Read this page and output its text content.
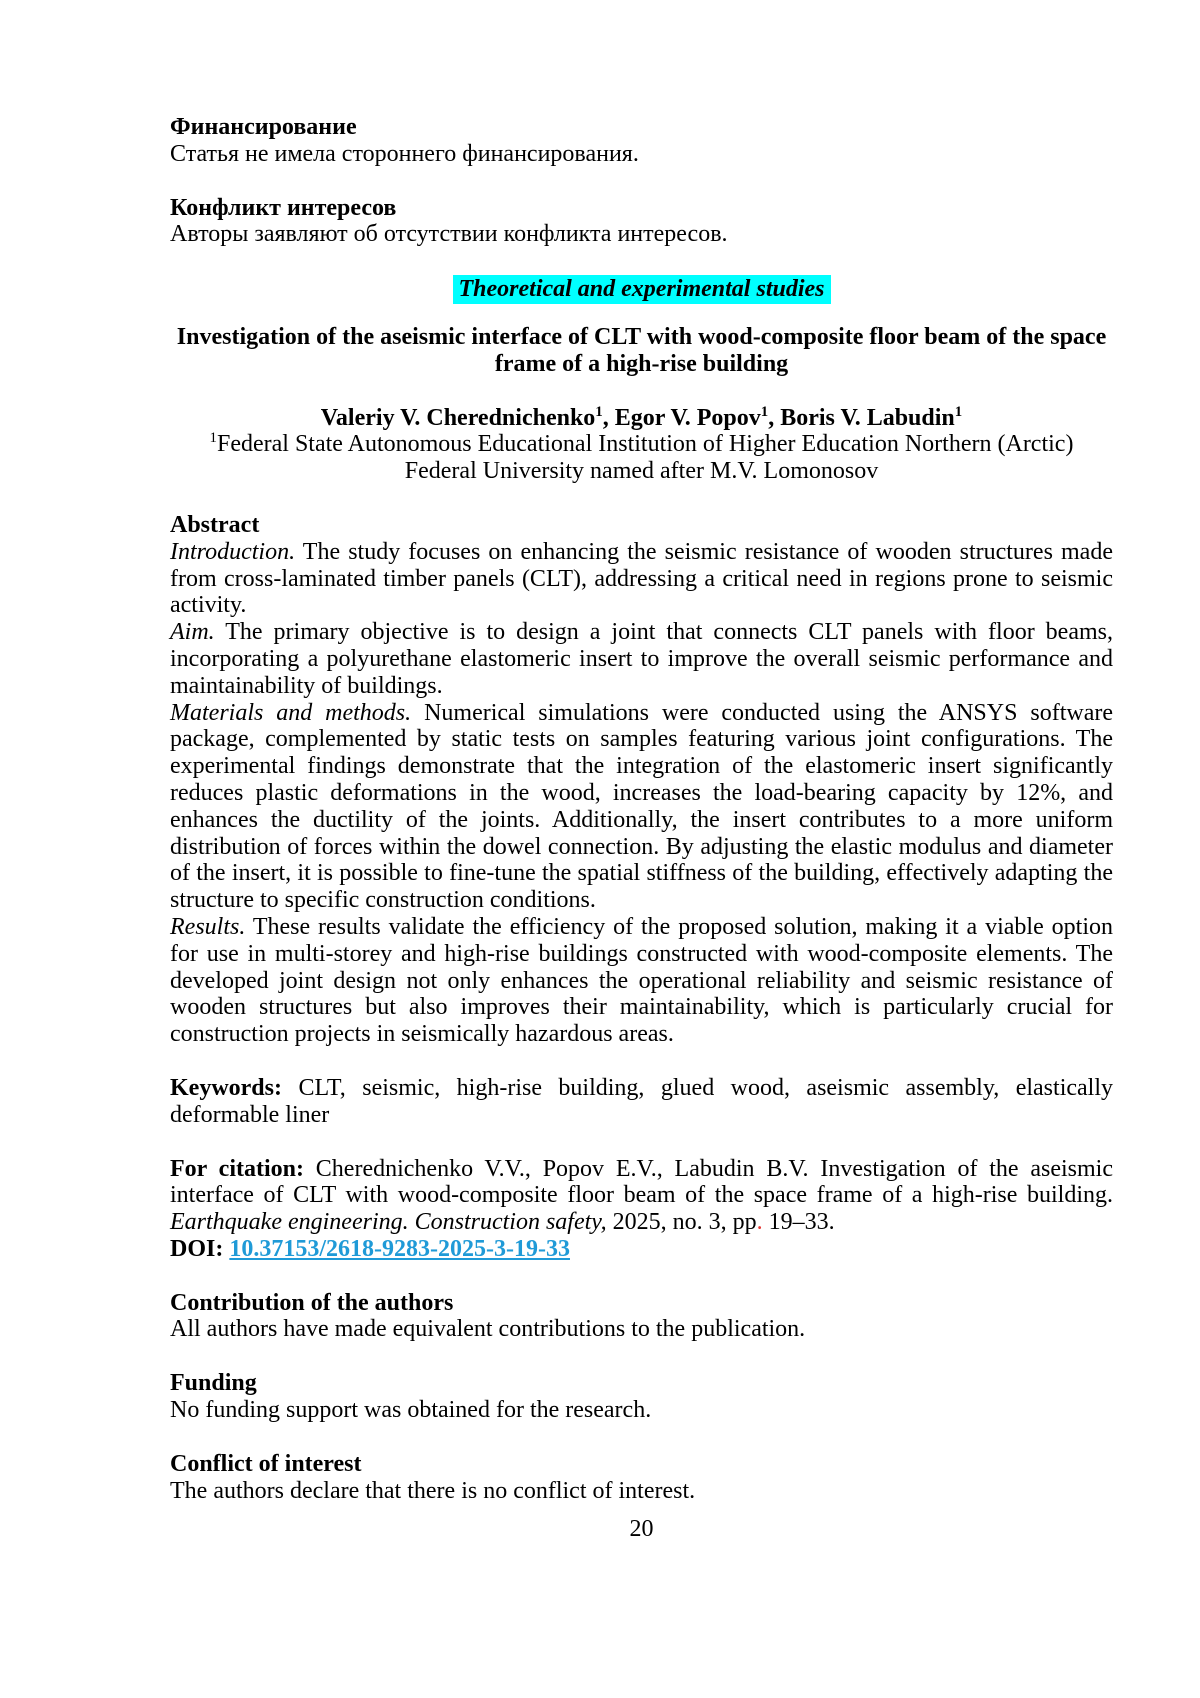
Финансирование

Статья не имела стороннего финансирования.

Конфликт интересов

Авторы заявляют об отсутствии конфликта интересов.

Theoretical and experimental studies

Investigation of the aseismic interface of CLT with wood-composite floor beam of the space frame of a high-rise building

Valeriy V. Cherednichenko$^1$, Egor V. Popov$^1$, Boris V. Labudin$^1$

$^1$Federal State Autonomous Educational Institution of Higher Education Northern (Arctic) Federal University named after M.V. Lomonosov

Abstract

Introduction. The study focuses on enhancing the seismic resistance of wooden structures made from cross-laminated timber panels (CLT), addressing a critical need in regions prone to seismic activity.

Aim. The primary objective is to design a joint that connects CLT panels with floor beams, incorporating a polyurethane elastomeric insert to improve the overall seismic performance and maintainability of buildings.

Materials and methods. Numerical simulations were conducted using the ANSYS software package, complemented by static tests on samples featuring various joint configurations. The experimental findings demonstrate that the integration of the elastomeric insert significantly reduces plastic deformations in the wood, increases the load-bearing capacity by 12%, and enhances the ductility of the joints. Additionally, the insert contributes to a more uniform distribution of forces within the dowel connection. By adjusting the elastic modulus and diameter of the insert, it is possible to fine-tune the spatial stiffness of the building, effectively adapting the structure to specific construction conditions.

Results. These results validate the efficiency of the proposed solution, making it a viable option for use in multi-storey and high-rise buildings constructed with wood-composite elements. The developed joint design not only enhances the operational reliability and seismic resistance of wooden structures but also improves their maintainability, which is particularly crucial for construction projects in seismically hazardous areas.

Keywords: CLT, seismic, high-rise building, glued wood, aseismic assembly, elastically deformable liner

For citation: Cherednichenko V.V., Popov E.V., Labudin B.V. Investigation of the aseismic interface of CLT with wood-composite floor beam of the space frame of a high-rise building. Earthquake engineering. Construction safety, 2025, no. 3, pp. 19–33.

DOI: 10.37153/2618-9283-2025-3-19-33

Contribution of the authors

All authors have made equivalent contributions to the publication.

Funding

No funding support was obtained for the research.

Conflict of interest

The authors declare that there is no conflict of interest.

20
